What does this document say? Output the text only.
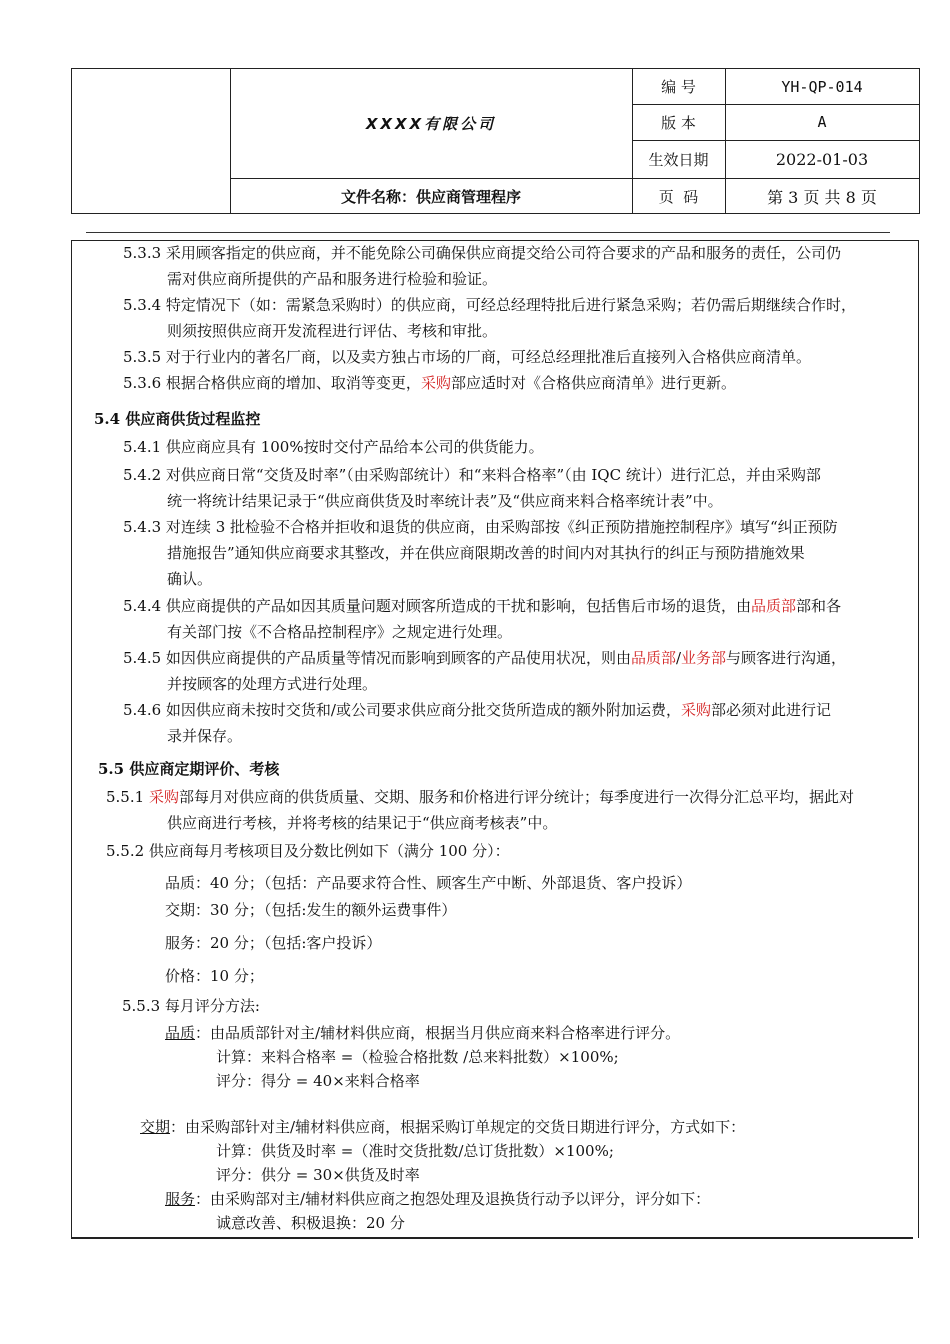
XXXX有限公司
文件名称：供应商管理程序
编 号	YH-QP-014
版 本	A
生效日期	2022-01-03
页  码	第 3 页 共 8 页
5.3.3 采用顾客指定的供应商，并不能免除公司确保供应商提交给公司符合要求的产品和服务的责任，公司仍
需对供应商所提供的产品和服务进行检验和验证。
5.3.4 特定情况下（如：需紧急采购时）的供应商，可经总经理特批后进行紧急采购；若仍需后期继续合作时，
则须按照供应商开发流程进行评估、考核和审批。
5.3.5 对于行业内的著名厂商，以及卖方独占市场的厂商，可经总经理批准后直接列入合格供应商清单。
5.3.6 根据合格供应商的增加、取消等变更，采购部应适时对《合格供应商清单》进行更新。
5.4 供应商供货过程监控
5.4.1 供应商应具有 100%按时交付产品给本公司的供货能力。
5.4.2 对供应商日常“交货及时率”（由采购部统计）和“来料合格率”（由 IQC 统计）进行汇总，并由采购部
统一将统计结果记录于“供应商供货及时率统计表”及“供应商来料合格率统计表”中。
5.4.3 对连续 3 批检验不合格并拒收和退货的供应商，由采购部按《纠正预防措施控制程序》填写“纠正预防
措施报告”通知供应商要求其整改，并在供应商限期改善的时间内对其执行的纠正与预防措施效果
确认。
5.4.4 供应商提供的产品如因其质量问题对顾客所造成的干扰和影响，包括售后市场的退货，由品质部部和各
有关部门按《不合格品控制程序》之规定进行处理。
5.4.5 如因供应商提供的产品质量等情况而影响到顾客的产品使用状况，则由品质部/业务部与顾客进行沟通，
并按顾客的处理方式进行处理。
5.4.6 如因供应商未按时交货和/或公司要求供应商分批交货所造成的额外附加运费，采购部必须对此进行记
录并保存。
5.5 供应商定期评价、考核
5.5.1 采购部每月对供应商的供货质量、交期、服务和价格进行评分统计；每季度进行一次得分汇总平均，据此对
供应商进行考核，并将考核的结果记于“供应商考核表”中。
5.5.2 供应商每月考核项目及分数比例如下（满分 100 分）：
品质：40 分；（包括：产品要求符合性、顾客生产中断、外部退货、客户投诉）
交期：30 分；（包括:发生的额外运费事件）
服务：20 分；（包括:客户投诉）
价格：10 分；
5.5.3 每月评分方法:
品质：由品质部针对主/辅材料供应商，根据当月供应商来料合格率进行评分。
计算：来料合格率 =（检验合格批数 /总来料批数）×100%;
评分：得分 = 40×来料合格率
交期：由采购部针对主/辅材料供应商，根据采购订单规定的交货日期进行评分，方式如下：
计算：供货及时率 =（准时交货批数/总订货批数）×100%;
评分：供分 = 30×供货及时率
服务：由采购部对主/辅材料供应商之抱怨处理及退换货行动予以评分，评分如下：
诚意改善、积极退换：20 分
